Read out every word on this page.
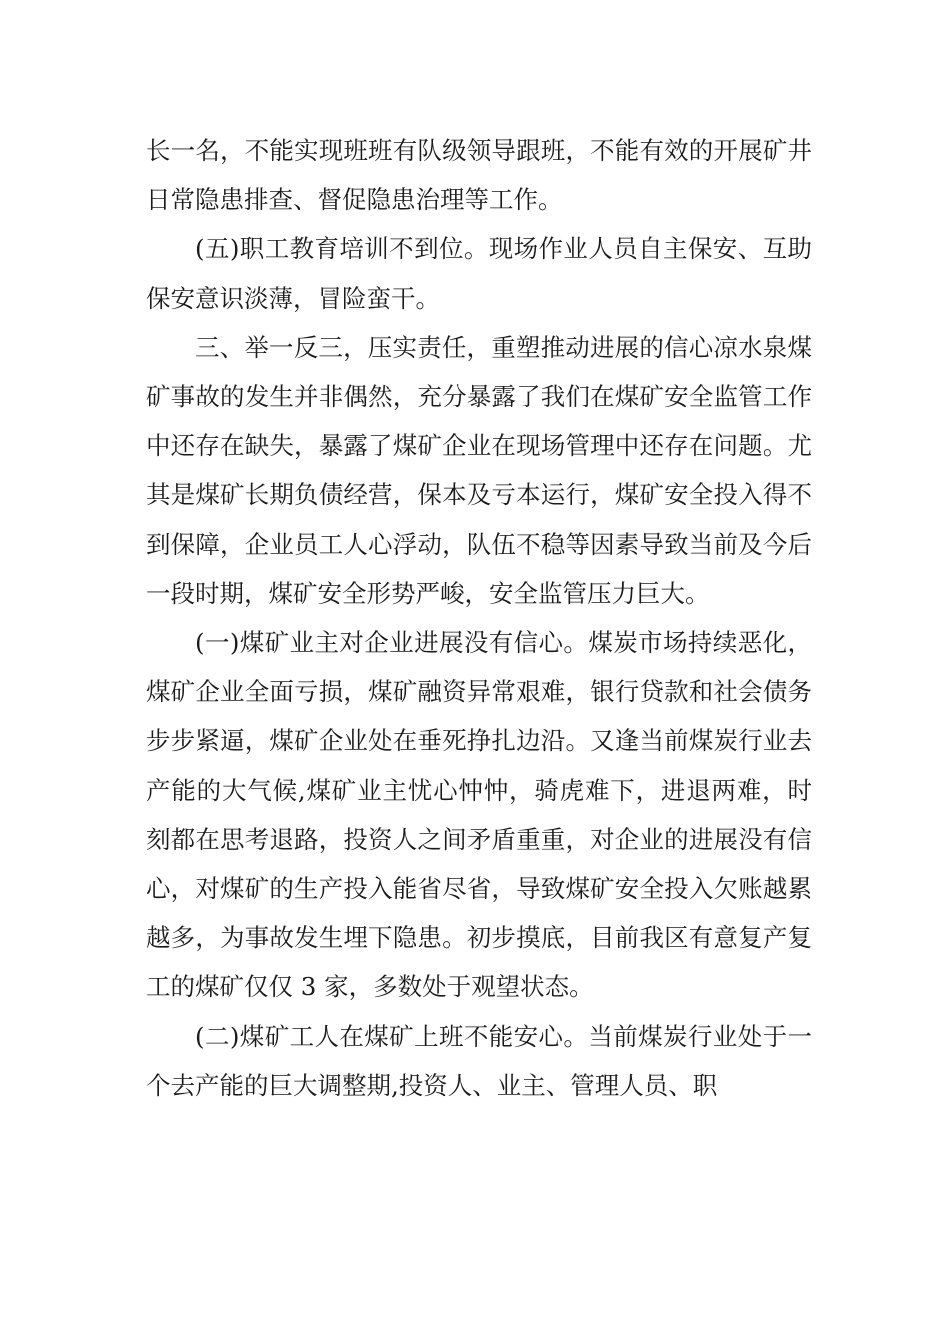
长一名，不能实现班班有队级领导跟班，不能有效的开展矿井日常隐患排查、督促隐患治理等工作。

(五)职工教育培训不到位。现场作业人员自主保安、互助保安意识淡薄，冒险蛮干。

三、举一反三，压实责任，重塑推动进展的信心凉水泉煤矿事故的发生并非偶然，充分暴露了我们在煤矿安全监管工作中还存在缺失，暴露了煤矿企业在现场管理中还存在问题。尤其是煤矿长期负债经营，保本及亏本运行，煤矿安全投入得不到保障，企业员工人心浮动，队伍不稳等因素导致当前及今后一段时期，煤矿安全形势严峻，安全监管压力巨大。

(一)煤矿业主对企业进展没有信心。煤炭市场持续恶化，煤矿企业全面亏损，煤矿融资异常艰难，银行贷款和社会债务步步紧逼，煤矿企业处在垂死挣扎边沿。又逢当前煤炭行业去产能的大气候,煤矿业主忧心忡忡，骑虎难下，进退两难，时刻都在思考退路，投资人之间矛盾重重，对企业的进展没有信心，对煤矿的生产投入能省尽省，导致煤矿安全投入欠账越累越多，为事故发生埋下隐患。初步摸底，目前我区有意复产复工的煤矿仅仅 3 家，多数处于观望状态。

(二)煤矿工人在煤矿上班不能安心。当前煤炭行业处于一个去产能的巨大调整期,投资人、业主、管理人员、职
